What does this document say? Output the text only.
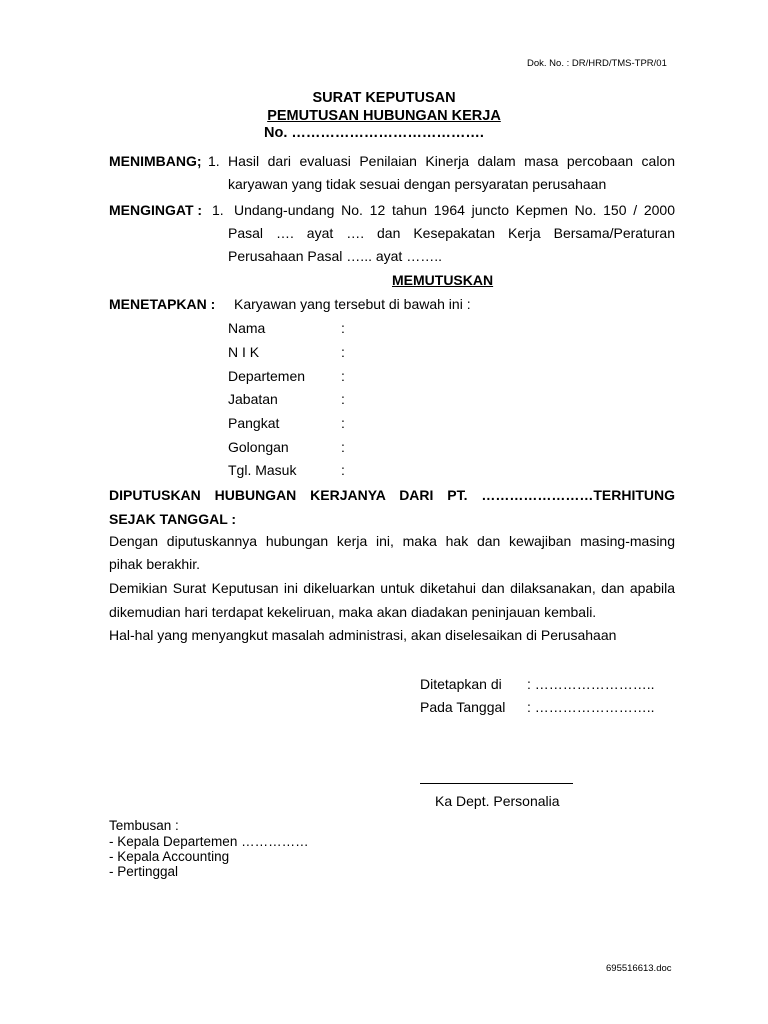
Dok. No. : DR/HRD/TMS-TPR/01
SURAT KEPUTUSAN
PEMUTUSAN HUBUNGAN KERJA
No. ………………………………….
MENIMBANG; 1. Hasil dari evaluasi Penilaian Kinerja dalam masa percobaan calon
karyawan yang tidak sesuai dengan persyaratan perusahaan
MENGINGAT : 1. Undang-undang No. 12 tahun 1964 juncto Kepmen No. 150 / 2000
Pasal …. ayat …. dan Kesepakatan Kerja Bersama/Peraturan
Perusahaan Pasal …... ayat ……..
MEMUTUSKAN
MENETAPKAN : Karyawan yang tersebut di bawah ini :
Nama	:
N I K	:
Departemen	:
Jabatan	:
Pangkat	:
Golongan	:
Tgl. Masuk	:
DIPUTUSKAN HUBUNGAN KERJANYA DARI PT. ……………………TERHITUNG
SEJAK TANGGAL :
Dengan diputuskannya hubungan kerja ini, maka hak dan kewajiban masing-masing
pihak berakhir.
Demikian Surat Keputusan ini dikeluarkan untuk diketahui dan dilaksanakan, dan apabila
dikemudian hari terdapat kekeliruan, maka akan diadakan peninjauan kembali.
Hal-hal yang menyangkut masalah administrasi, akan diselesaikan di Perusahaan
Ditetapkan di : ……………………..
Pada Tanggal : ……………………..
Ka Dept. Personalia
Tembusan :
- Kepala Departemen ……………
- Kepala Accounting
- Pertinggal
695516613.doc
